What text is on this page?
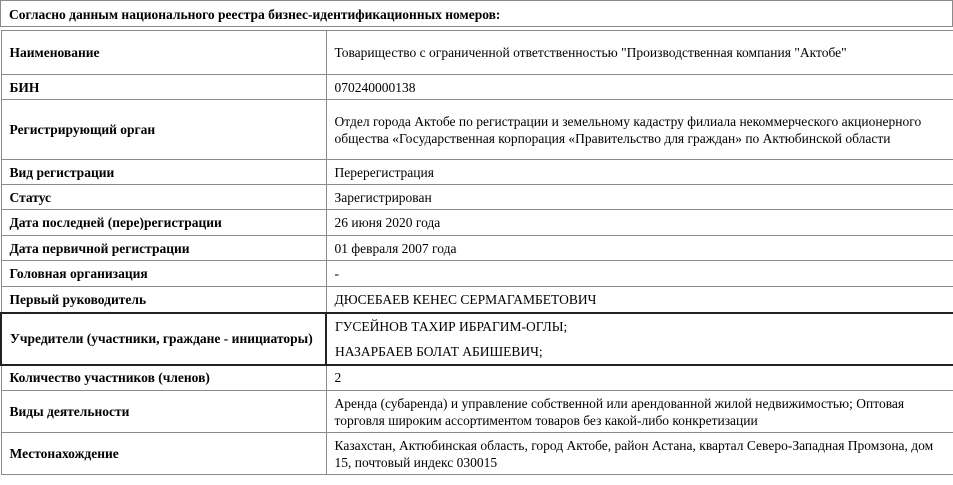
Согласно данным национального реестра бизнес-идентификационных номеров:
Наименование	Товарищество с ограниченной ответственностью "Производственная компания "Актобе"
БИН	070240000138
Регистрирующий орган	Отдел города Актобе по регистрации и земельному кадастру филиала некоммерческого акционерного общества «Государственная корпорация «Правительство для граждан» по Актюбинской области
Вид регистрации	Перерегистрация
Статус	Зарегистрирован
Дата последней (пере)регистрации	26 июня 2020 года
Дата первичной регистрации	01 февраля 2007 года
Головная организация	-
Первый руководитель	ДЮСЕБАЕВ КЕНЕС СЕРМАГАМБЕТОВИЧ
Учредители (участники, граждане - инициаторы)	ГУСЕЙНОВ ТАХИР ИБРАГИМ-ОГЛЫ;
НАЗАРБАЕВ БОЛАТ АБИШЕВИЧ;

Количество участников (членов)	2
Виды деятельности	Аренда (субаренда) и управление собственной или арендованной жилой недвижимостью; Оптовая торговля широким ассортиментом товаров без какой-либо конкретизации
Местонахождение	Казахстан, Актюбинская область, город Актобе, район Астана, квартал Северо-Западная Промзона, дом 15, почтовый индекс 030015
